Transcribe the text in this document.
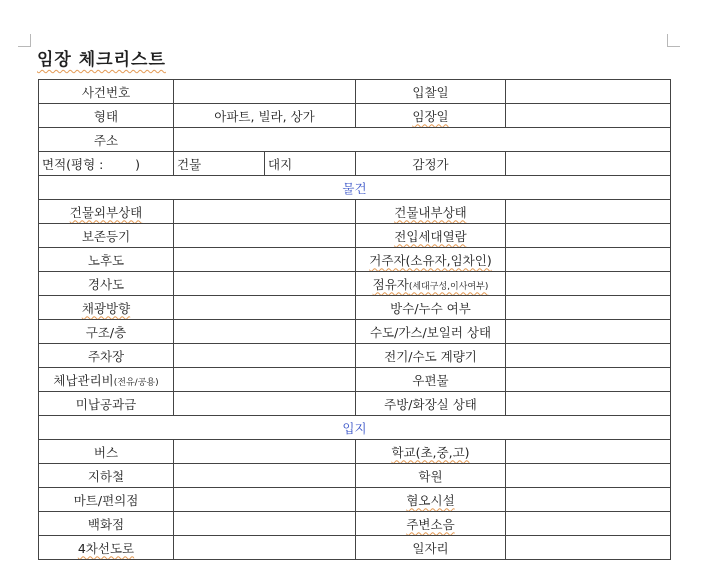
임장 체크리스트
사건번호			입찰일	
형태	아파트, 빌라, 상가		임장일	
주소				
면적(평형 :        )	건물	대지	감정가	
물건				
건물외부상태			건물내부상태	
보존등기			전입세대열람	
노후도			거주자(소유자,임차인)	
경사도			점유자(세대구성,이사여부)	
채광방향			방수/누수 여부	
구조/층			수도/가스/보일러 상태	
주차장			전기/수도 계량기	
체납관리비(전유/공용)			우편물	
미납공과금			주방/화장실 상태	
입지				
버스			학교(초,중,고)	
지하철			학원	
마트/편의점			혐오시설	
백화점			주변소음	
4차선도로			일자리	
